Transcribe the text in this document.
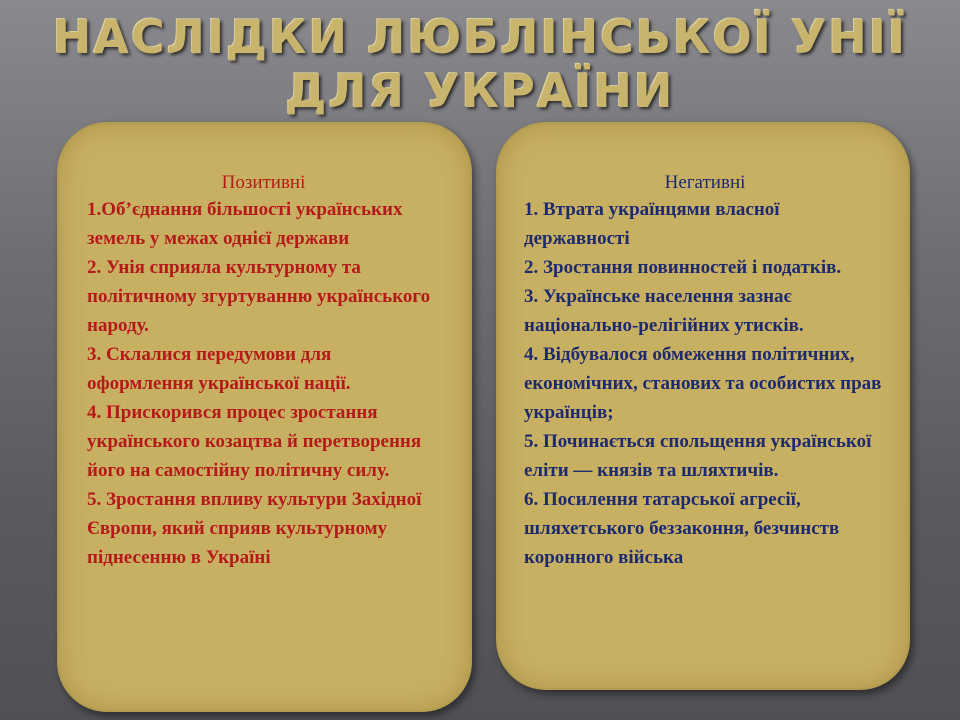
НАСЛІДКИ ЛЮБЛІНСЬКОЇ УНІЇ
ДЛЯ УКРАЇНИ

Позитивні

1.Об’єднання більшості українських земель у межах однієї держави
2. Унія сприяла культурному та політичному згуртуванню українського народу.
3. Склалися передумови для оформлення української нації.
4. Прискорився процес зростання українського козацтва й перетворення його на самостійну політичну силу.
5. Зростання впливу культури Західної Європи, який сприяв культурному піднесенню в Україні

Негативні

1. Втрата українцями власної державності
2. Зростання повинностей і податків.
3. Українське населення зазнає національно-релігійних утисків.
4. Відбувалося обмеження політичних, економічних, станових та особистих прав українців;
5. Починається спольщення української еліти — князів та шляхтичів.
6. Посилення татарської агресії, шляхетського беззаконня, безчинств коронного війська
